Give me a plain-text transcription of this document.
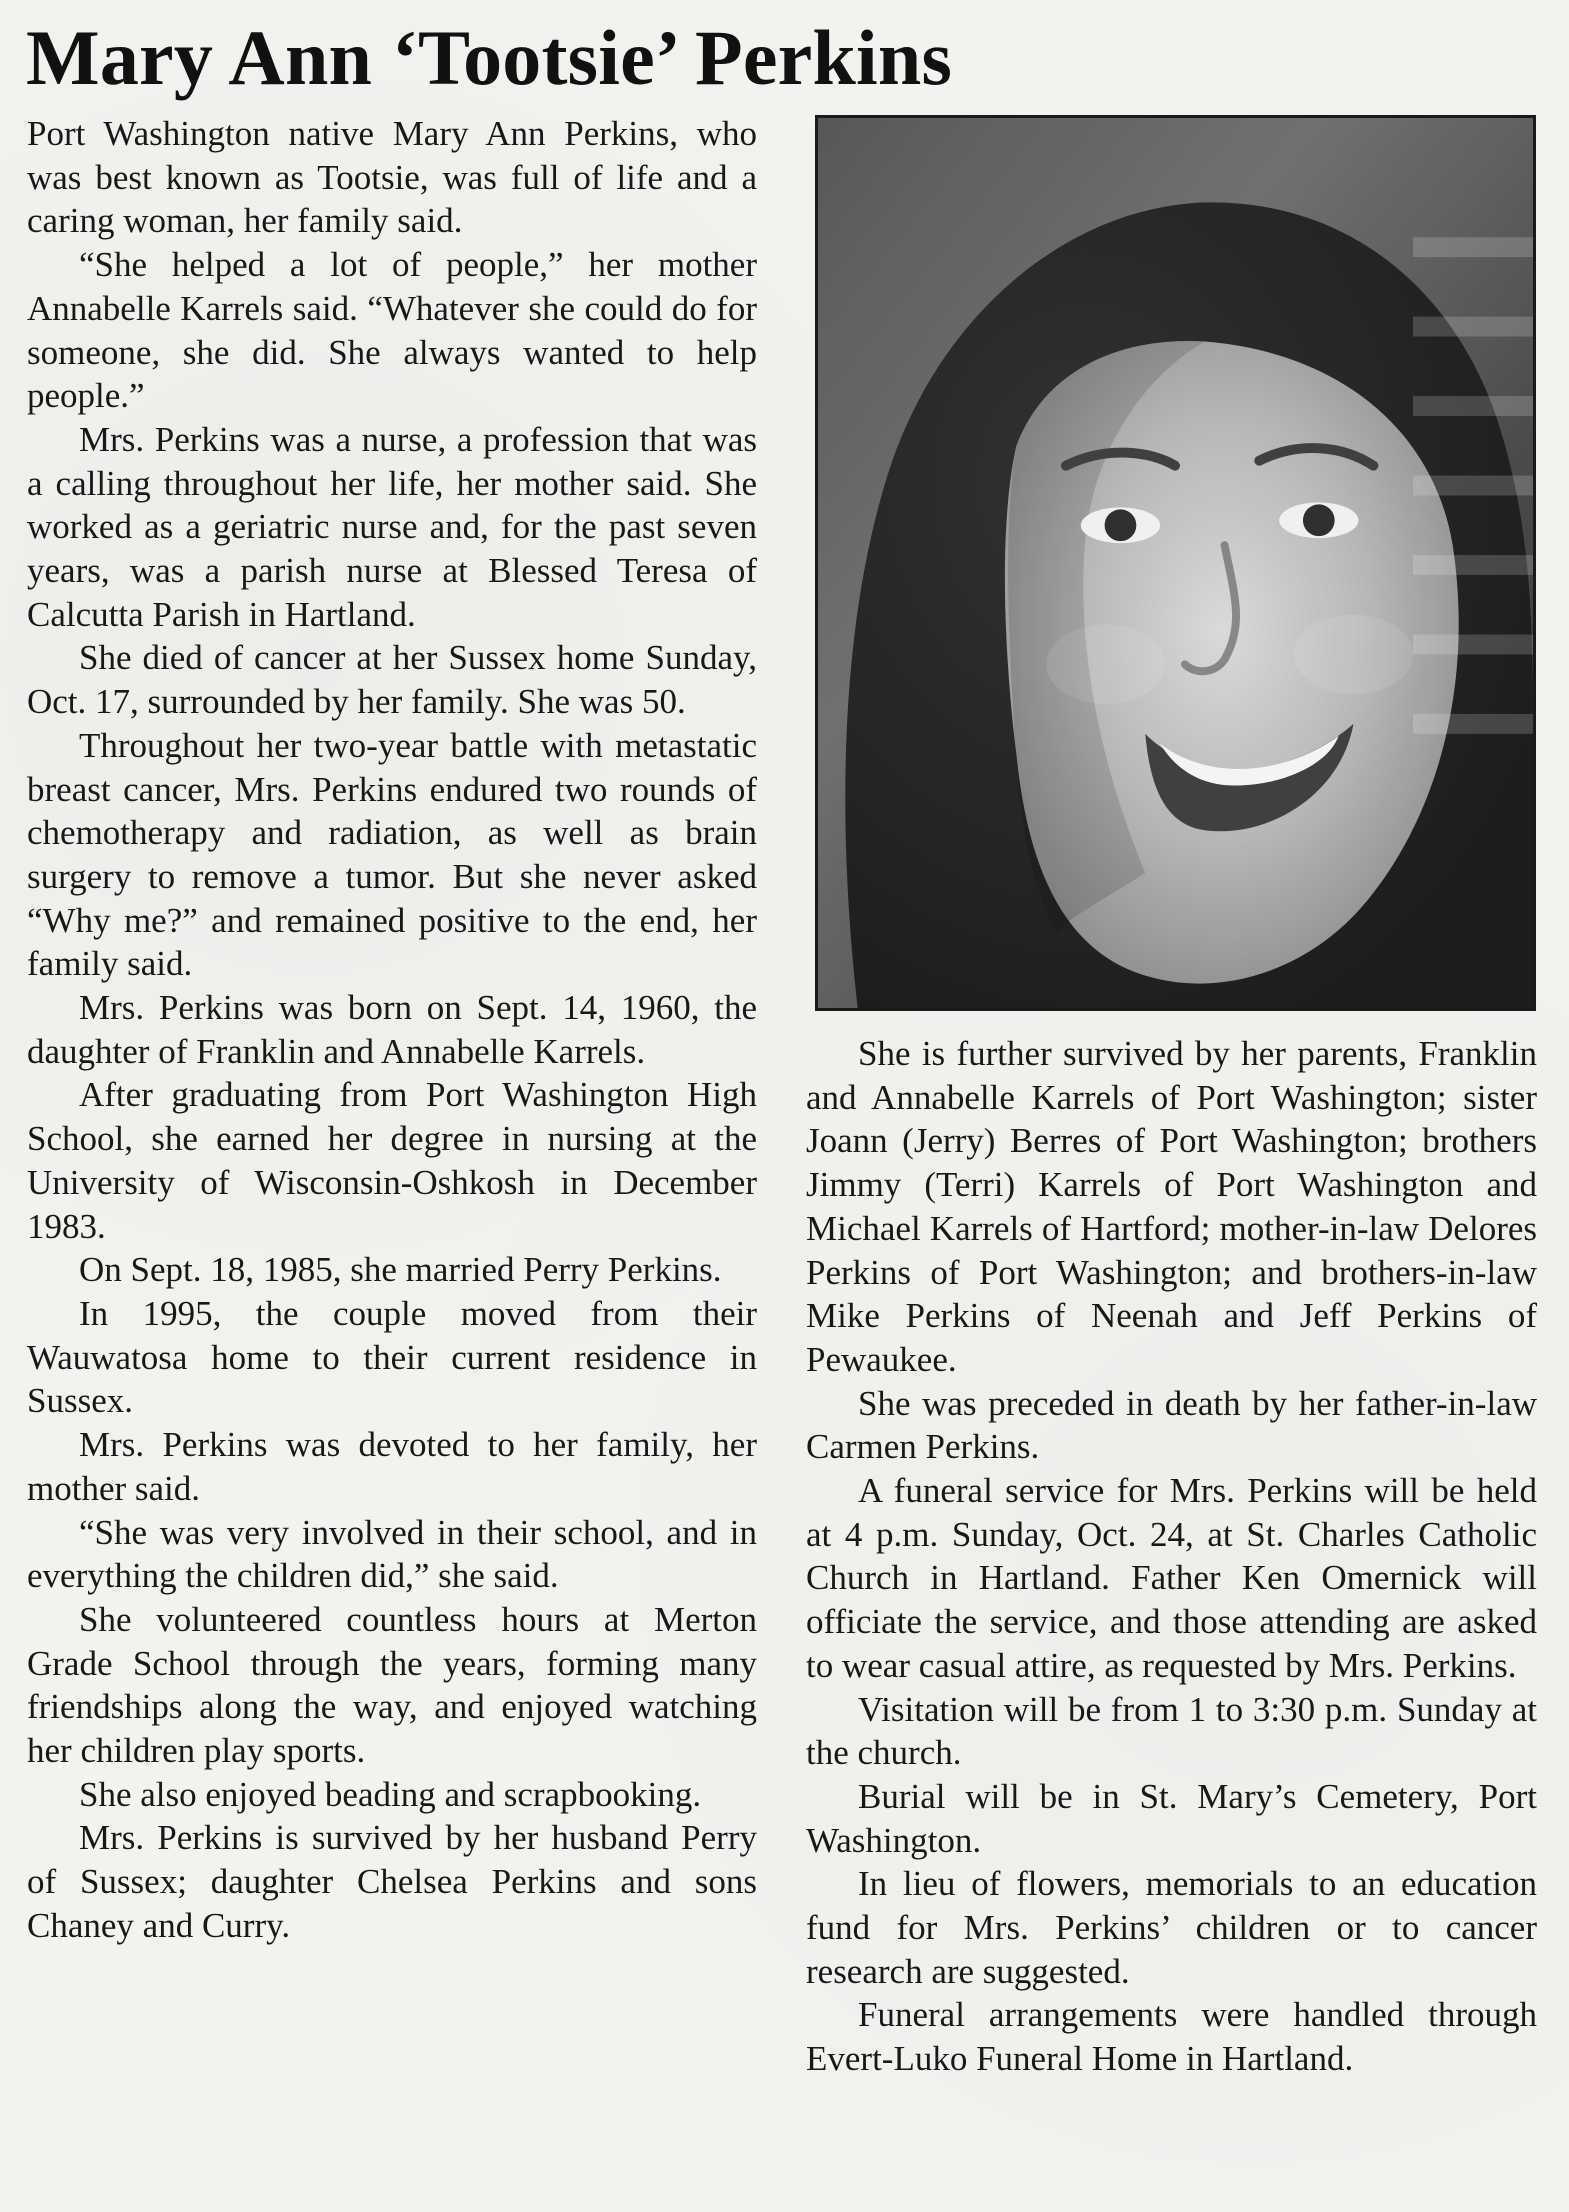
Mary Ann ‘Tootsie’ Perkins

Port Washington native Mary Ann Perkins, who was best known as Tootsie, was full of life and a caring woman, her family said.

“She helped a lot of people,” her mother Annabelle Karrels said. “Whatever she could do for someone, she did. She always wanted to help people.”

Mrs. Perkins was a nurse, a profession that was a calling throughout her life, her mother said. She worked as a geriatric nurse and, for the past seven years, was a parish nurse at Blessed Teresa of Calcutta Parish in Hartland.

She died of cancer at her Sussex home Sunday, Oct. 17, surrounded by her family. She was 50.

Throughout her two-year battle with metastatic breast cancer, Mrs. Perkins endured two rounds of chemotherapy and radiation, as well as brain surgery to remove a tumor. But she never asked “Why me?” and remained positive to the end, her family said.

Mrs. Perkins was born on Sept. 14, 1960, the daughter of Franklin and Annabelle Karrels.

After graduating from Port Washington High School, she earned her degree in nursing at the University of Wisconsin-Oshkosh in December 1983.

On Sept. 18, 1985, she married Perry Perkins.

In 1995, the couple moved from their Wauwatosa home to their current residence in Sussex.

Mrs. Perkins was devoted to her family, her mother said.

“She was very involved in their school, and in everything the children did,” she said.

She volunteered countless hours at Merton Grade School through the years, forming many friendships along the way, and enjoyed watching her children play sports.

She also enjoyed beading and scrapbooking.

Mrs. Perkins is survived by her husband Perry of Sussex; daughter Chelsea Perkins and sons Chaney and Curry.

She is further survived by her parents, Franklin and Annabelle Karrels of Port Washington; sister Joann (Jerry) Berres of Port Washington; brothers Jimmy (Terri) Karrels of Port Washington and Michael Karrels of Hartford; mother-in-law Delores Perkins of Port Washington; and brothers-in-law Mike Perkins of Neenah and Jeff Perkins of Pewaukee.

She was preceded in death by her father-in-law Carmen Perkins.

A funeral service for Mrs. Perkins will be held at 4 p.m. Sunday, Oct. 24, at St. Charles Catholic Church in Hartland. Father Ken Omernick will officiate the service, and those attending are asked to wear casual attire, as requested by Mrs. Perkins.

Visitation will be from 1 to 3:30 p.m. Sunday at the church.

Burial will be in St. Mary’s Cemetery, Port Washington.

In lieu of flowers, memorials to an education fund for Mrs. Perkins’ children or to cancer research are suggested.

Funeral arrangements were handled through Evert-Luko Funeral Home in Hartland.
